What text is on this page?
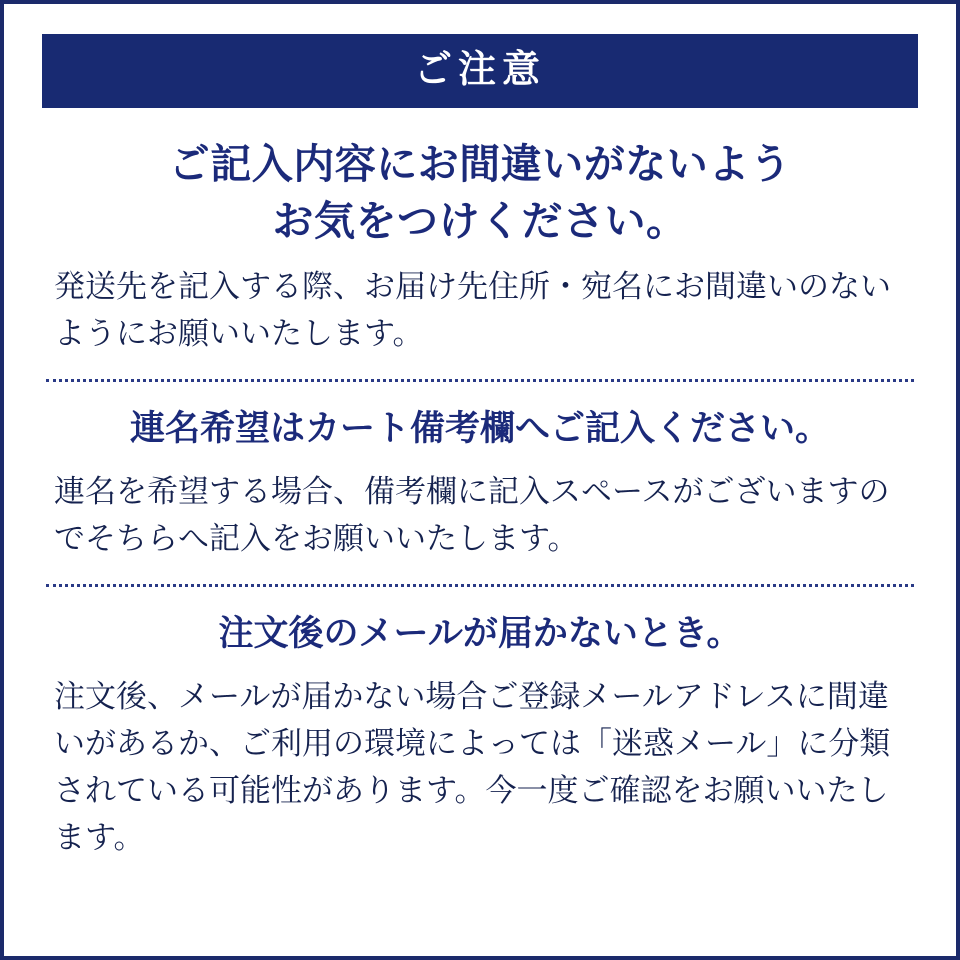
ご注意
ご記入内容にお間違いがないよう
お気をつけください。

発送先を記入する際、お届け先住所・宛名にお間違いのないようにお願いいたします。

連名希望はカート備考欄へご記入ください。

連名を希望する場合、備考欄に記入スペースがございますのでそちらへ記入をお願いいたします。

注文後のメールが届かないとき。

注文後、メールが届かない場合ご登録メールアドレスに間違いがあるか、ご利用の環境によっては「迷惑メール」に分類されている可能性があります。今一度ご確認をお願いいたします。
